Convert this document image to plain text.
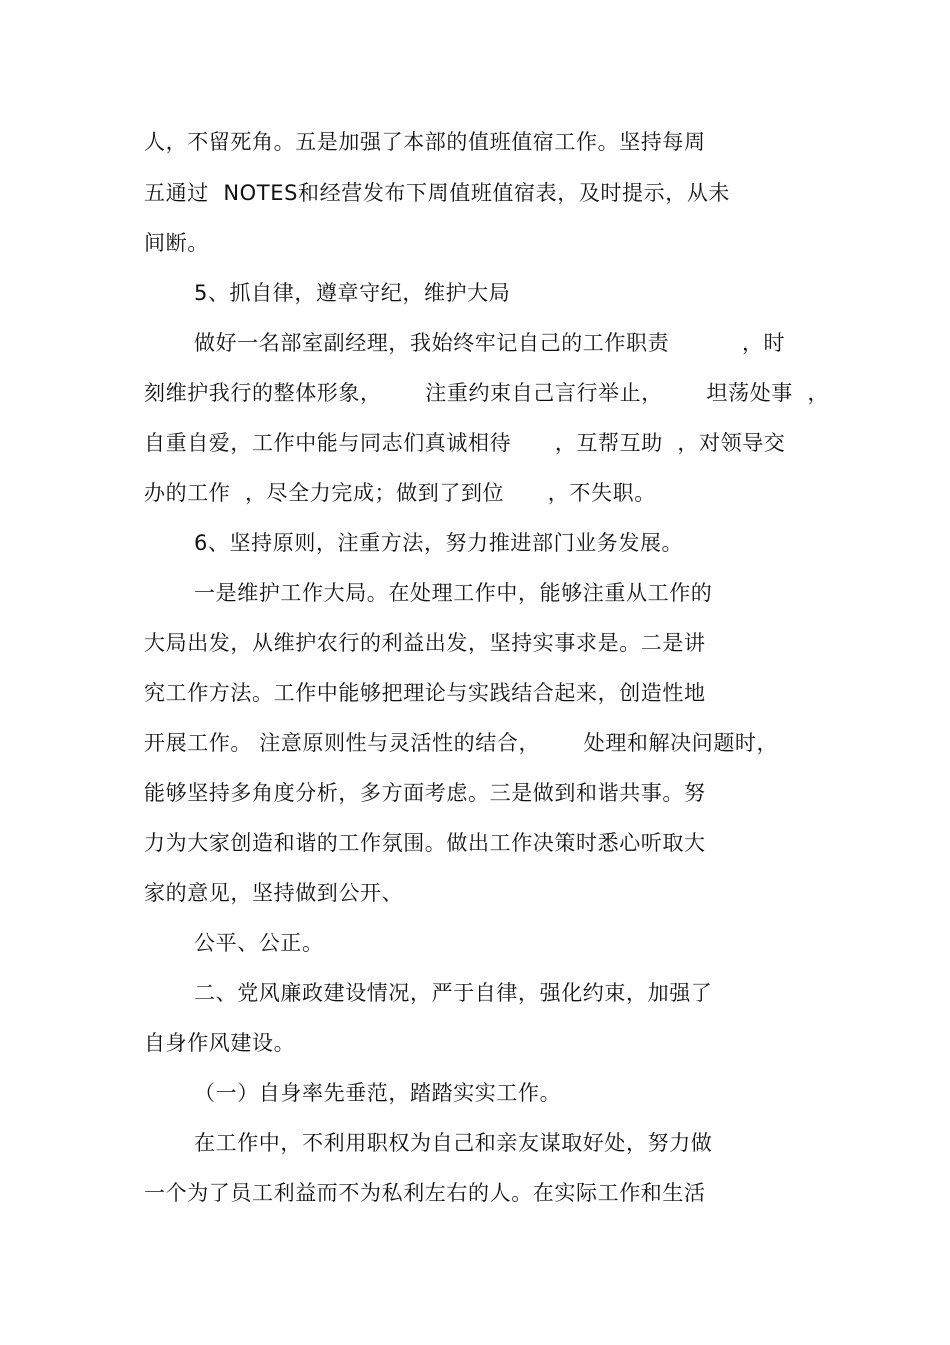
人，不留死角。五是加强了本部的值班值宿工作。坚持每周
五通过  NOTES和经营发布下周值班值宿表，及时提示，从未
间断。
5、抓自律，遵章守纪，维护大局
做好一名部室副经理，我始终牢记自己的工作职责          ，时
刻维护我行的整体形象，      注重约束自己言行举止，      坦荡处事  ，
自重自爱，工作中能与同志们真诚相待      ，互帮互助  ，对领导交
办的工作  ，尽全力完成；做到了到位      ，不失职。
6、坚持原则，注重方法，努力推进部门业务发展。
一是维护工作大局。在处理工作中，能够注重从工作的
大局出发，从维护农行的利益出发，坚持实事求是。二是讲
究工作方法。工作中能够把理论与实践结合起来，创造性地
开展工作。 注意原则性与灵活性的结合，      处理和解决问题时，
能够坚持多角度分析，多方面考虑。三是做到和谐共事。努
力为大家创造和谐的工作氛围。做出工作决策时悉心听取大
家的意见，坚持做到公开、
公平、公正。
二、党风廉政建设情况，严于自律，强化约束，加强了
自身作风建设。
（一）自身率先垂范，踏踏实实工作。
在工作中，不利用职权为自己和亲友谋取好处，努力做
一个为了员工利益而不为私利左右的人。在实际工作和生活
